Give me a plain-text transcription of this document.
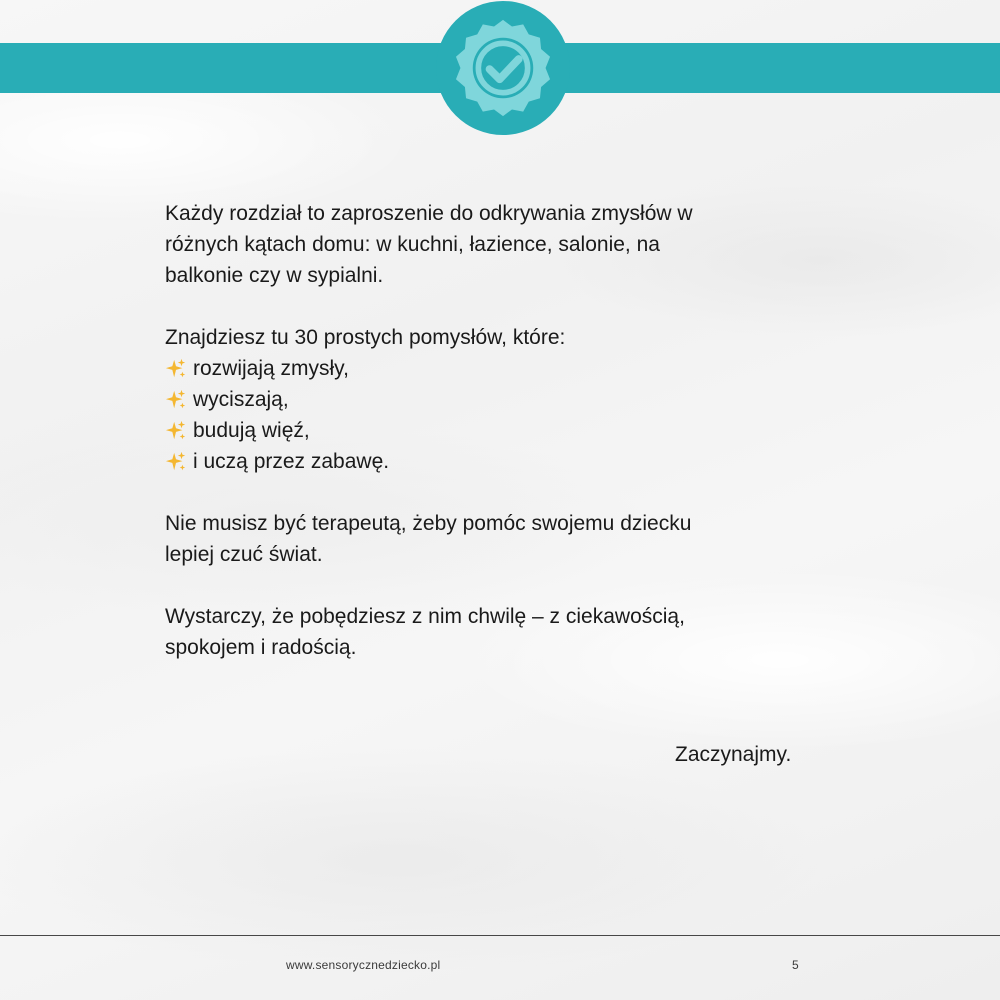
Każdy rozdział to zaproszenie do odkrywania zmysłów w
różnych kątach domu: w kuchni, łazience, salonie, na
balkonie czy w sypialni.
Znajdziesz tu 30 prostych pomysłów, które:
rozwijają zmysły,
wyciszają,
budują więź,
i uczą przez zabawę.
Nie musisz być terapeutą, żeby pomóc swojemu dziecku
lepiej czuć świat.
Wystarczy, że pobędziesz z nim chwilę – z ciekawością,
spokojem i radością.
Zaczynajmy.
www.sensorycznedziecko.pl	5
